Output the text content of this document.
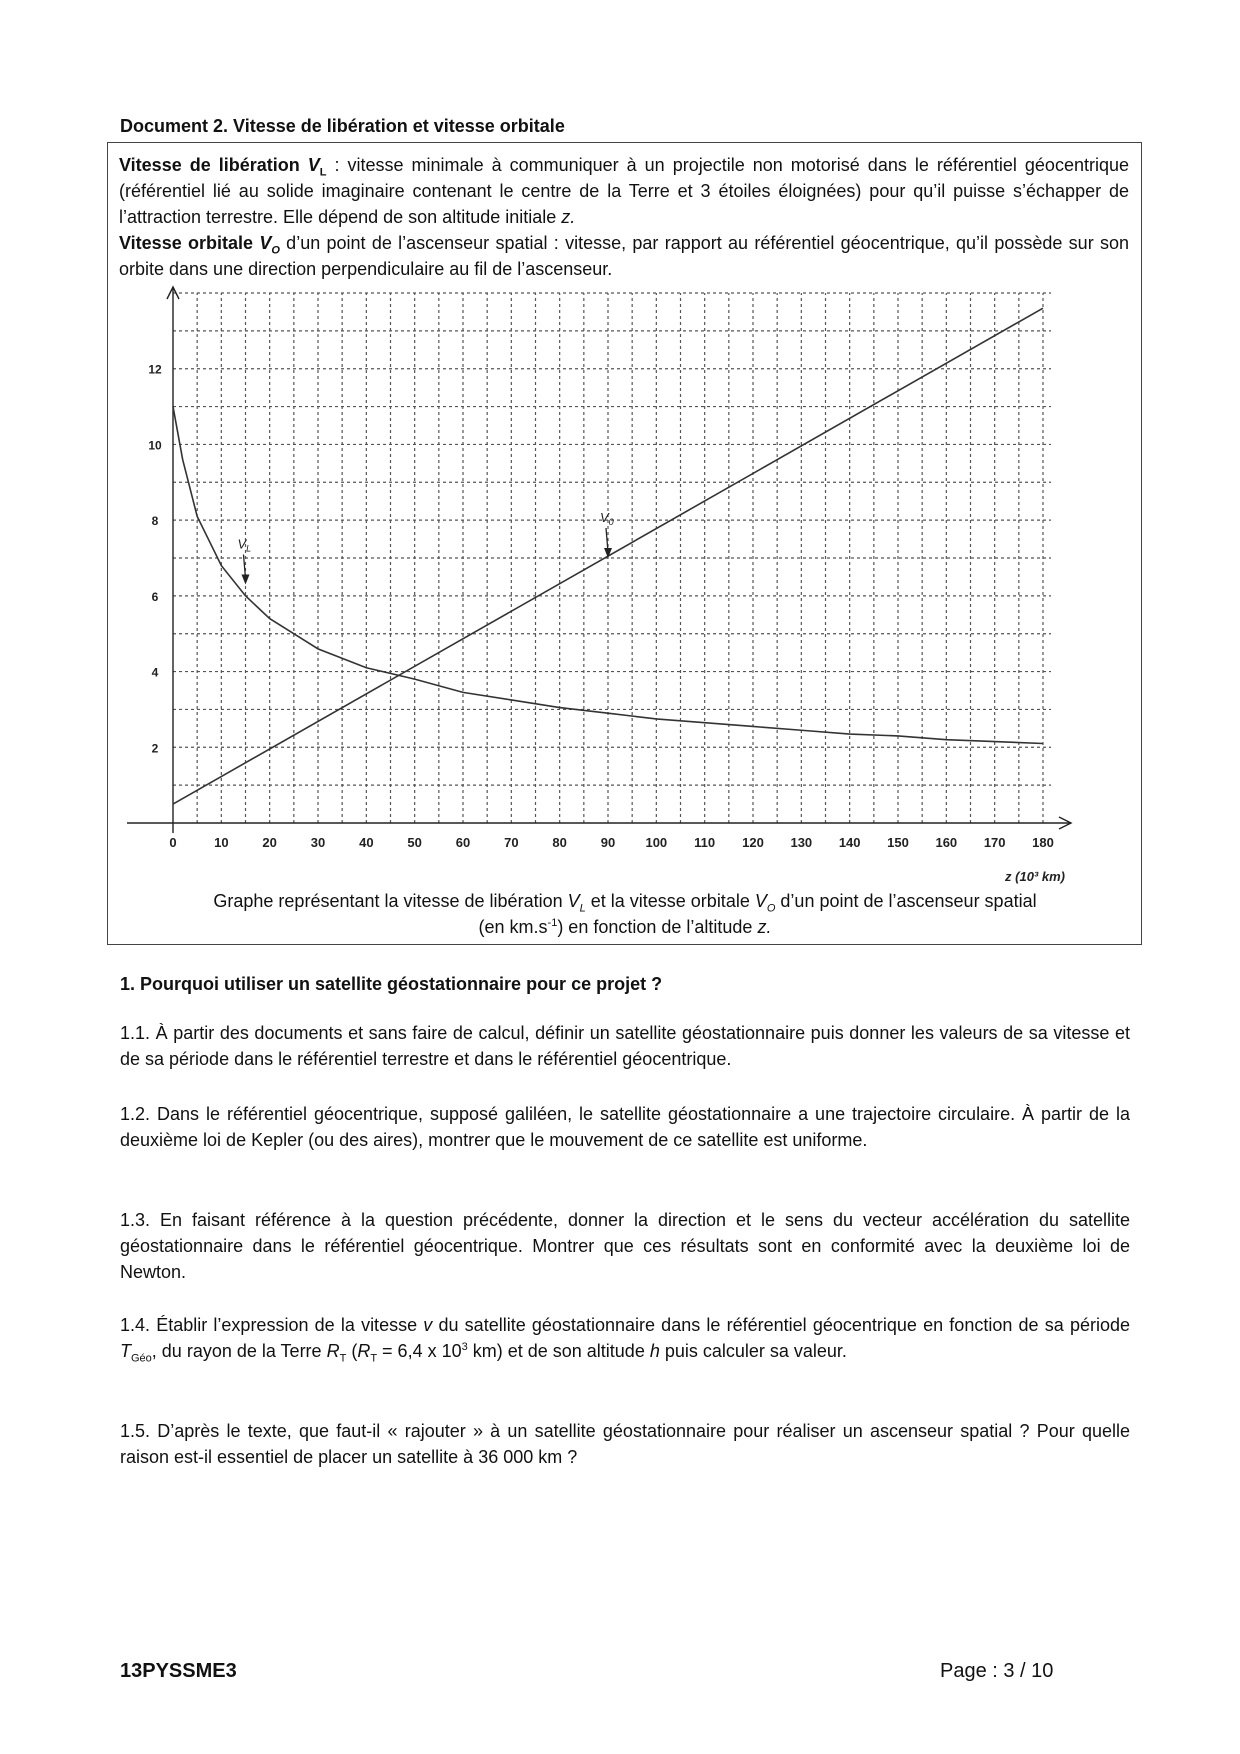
Document 2. Vitesse de libération et vitesse orbitale
Vitesse de libération $V_L$ : vitesse minimale à communiquer à un projectile non motorisé dans le référentiel géocentrique (référentiel lié au solide imaginaire contenant le centre de la Terre et 3 étoiles éloignées) pour qu’il puisse s’échapper de l’attraction terrestre. Elle dépend de son altitude initiale z.
Vitesse orbitale $V_O$ d’un point de l’ascenseur spatial : vitesse, par rapport au référentiel géocentrique, qu’il possède sur son orbite dans une direction perpendiculaire au fil de l’ascenseur.
0	10	20	30	40	50	60	70	80	90 100 110 120 130 140 150 160 170 180
2
4
6
8
10
12
z (10³ km)
$V_L$
$V_0$
Graphe représentant la vitesse de libération $V_L$ et la vitesse orbitale $V_O$ d’un point de l’ascenseur spatial
(en $km.s^{-1}$) en fonction de l’altitude z.
1. Pourquoi utiliser un satellite géostationnaire pour ce projet ?
1.1. À partir des documents et sans faire de calcul, définir un satellite géostationnaire puis donner les valeurs de sa vitesse et de sa période dans le référentiel terrestre et dans le référentiel géocentrique.
1.2. Dans le référentiel géocentrique, supposé galiléen, le satellite géostationnaire a une trajectoire circulaire. À partir de la deuxième loi de Kepler (ou des aires), montrer que le mouvement de ce satellite est uniforme.
1.3. En faisant référence à la question précédente, donner la direction et le sens du vecteur accélération du satellite géostationnaire dans le référentiel géocentrique. Montrer que ces résultats sont en conformité avec la deuxième loi de Newton.
1.4. Établir l’expression de la vitesse v du satellite géostationnaire dans le référentiel géocentrique en fonction de sa période $T_{Géo}$, du rayon de la Terre $R_T$ ($R_T = 6,4$ x $10^3$ km) et de son altitude h puis calculer sa valeur.
1.5. D’après le texte, que faut-il « rajouter » à un satellite géostationnaire pour réaliser un ascenseur spatial ? Pour quelle raison est-il essentiel de placer un satellite à 36 000 km ?
13PYSSME3	Page : 3 / 10
